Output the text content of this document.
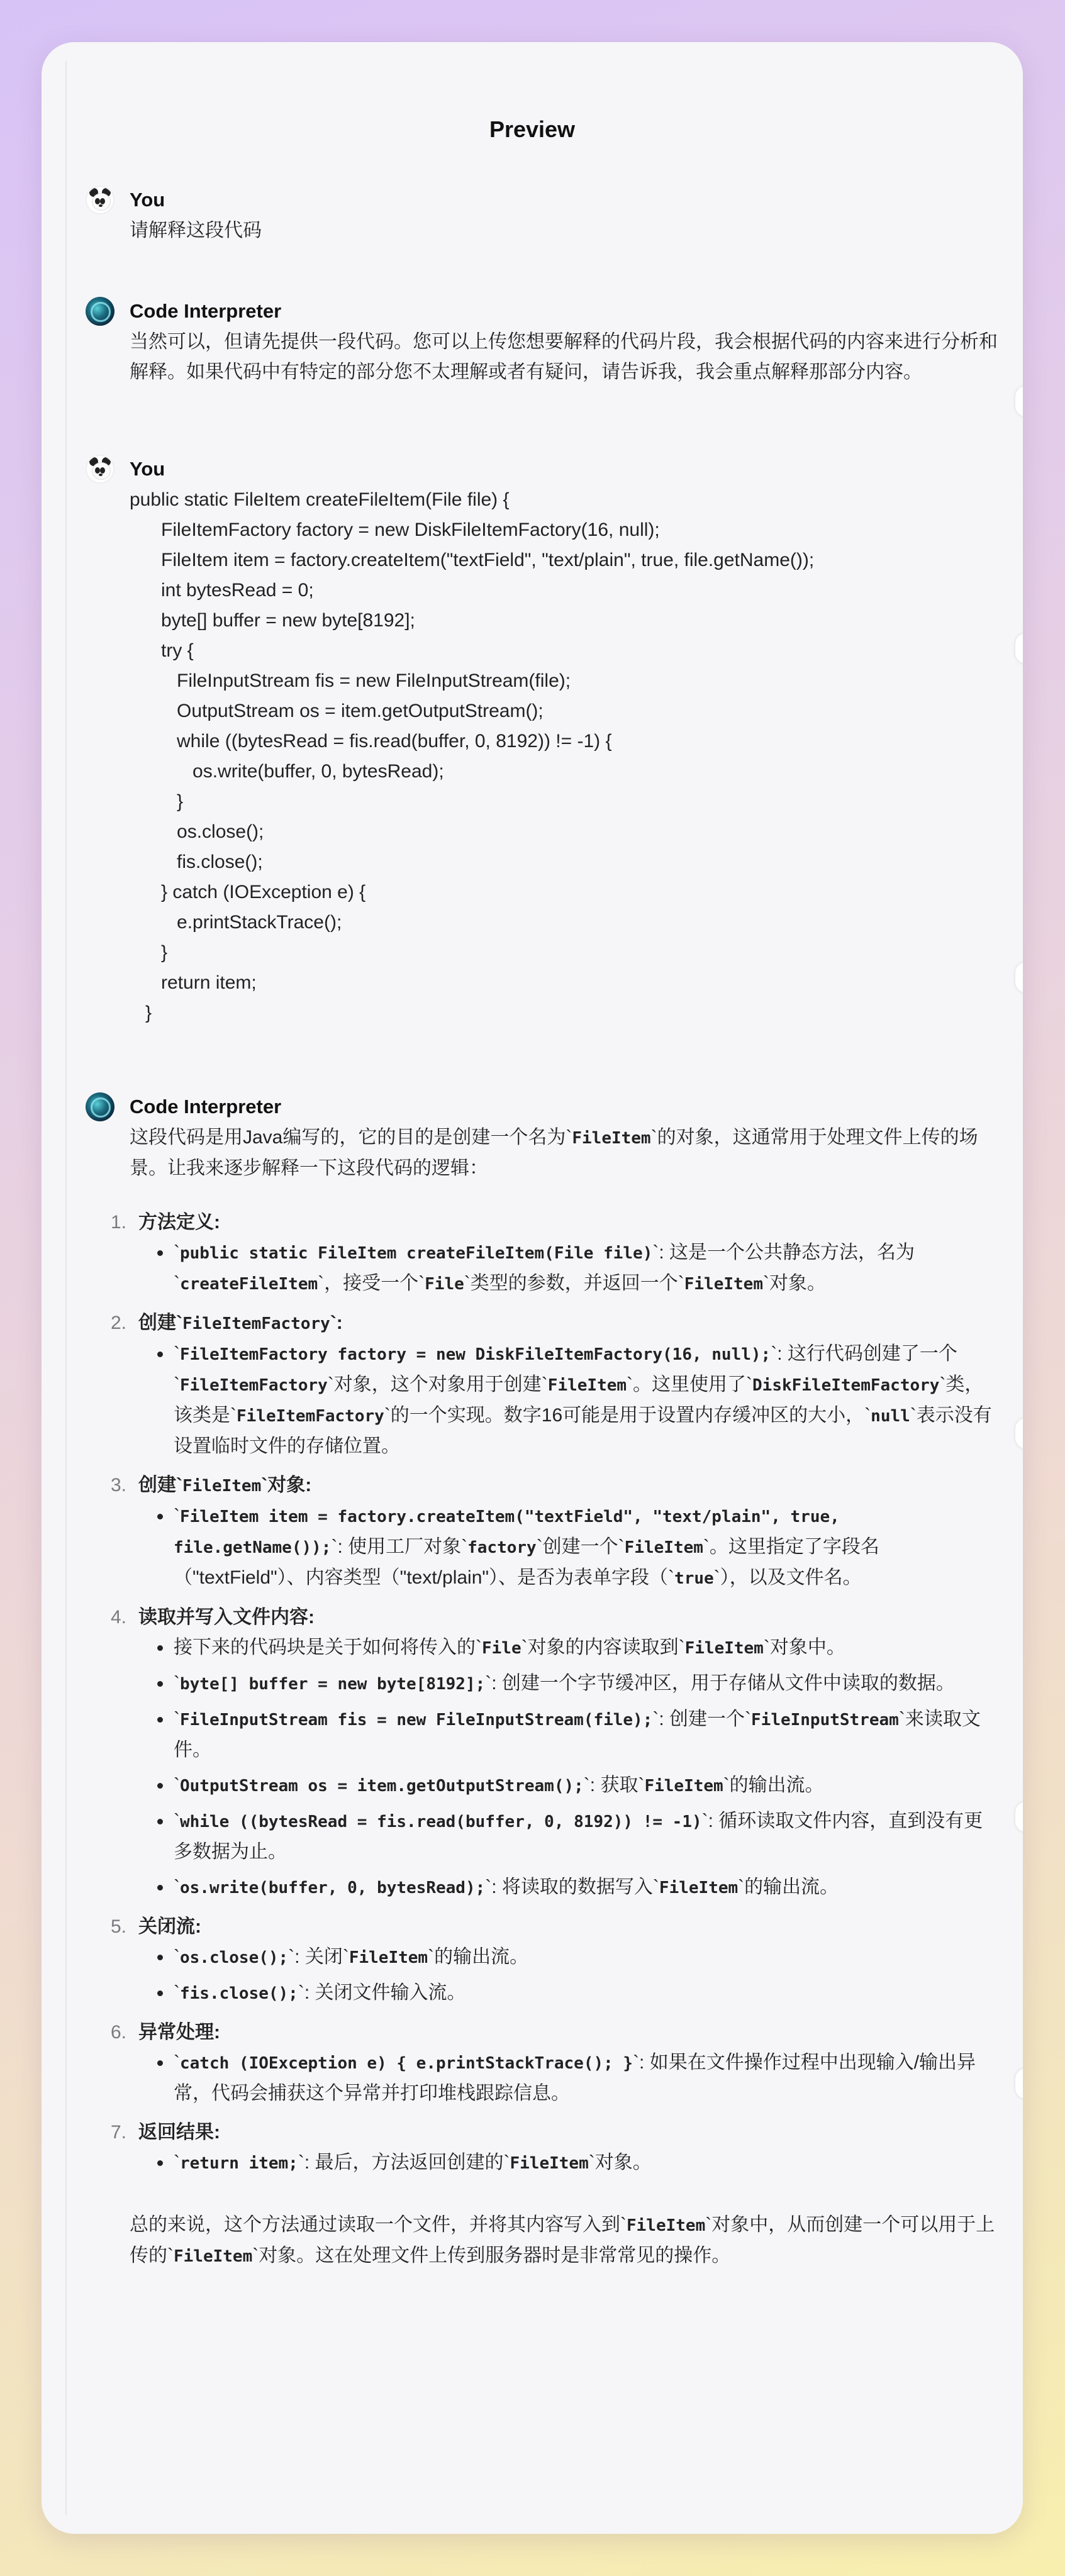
Preview
You
请解释这段代码
Code Interpreter
当然可以，但请先提供一段代码。您可以上传您想要解释的代码片段，我会根据代码的内容来进行分析和解释。如果代码中有特定的部分您不太理解或者有疑问，请告诉我，我会重点解释那部分内容。
You
public static FileItem createFileItem(File file) {
FileItemFactory factory = new DiskFileItemFactory(16, null);
FileItem item = factory.createItem("textField", "text/plain", true, file.getName());
int bytesRead = 0;
byte[] buffer = new byte[8192];
try {
FileInputStream fis = new FileInputStream(file);
OutputStream os = item.getOutputStream();
while ((bytesRead = fis.read(buffer, 0, 8192)) != -1) {
os.write(buffer, 0, bytesRead);
}
os.close();
fis.close();
} catch (IOException e) {
e.printStackTrace();
}
return item;
}
Code Interpreter
这段代码是用Java编写的，它的目的是创建一个名为`FileItem`的对象，这通常用于处理文件上传的场景。让我来逐步解释一下这段代码的逻辑：
1. 方法定义:
`public static FileItem createFileItem(File file)`: 这是一个公共静态方法，名为`createFileItem`，接受一个`File`类型的参数，并返回一个`FileItem`对象。
2. 创建`FileItemFactory`:
`FileItemFactory factory = new DiskFileItemFactory(16, null);`: 这行代码创建了一个`FileItemFactory`对象，这个对象用于创建`FileItem`。这里使用了`DiskFileItemFactory`类，该类是`FileItemFactory`的一个实现。数字16可能是用于设置内存缓冲区的大小，`null`表示没有设置临时文件的存储位置。
3. 创建`FileItem`对象:
`FileItem item = factory.createItem("textField", "text/plain", true, file.getName());`: 使用工厂对象`factory`创建一个`FileItem`。这里指定了字段名（"textField"）、内容类型（"text/plain"）、是否为表单字段（`true`），以及文件名。
4. 读取并写入文件内容:
接下来的代码块是关于如何将传入的`File`对象的内容读取到`FileItem`对象中。
`byte[] buffer = new byte[8192];`: 创建一个字节缓冲区，用于存储从文件中读取的数据。
`FileInputStream fis = new FileInputStream(file);`: 创建一个`FileInputStream`来读取文件。
`OutputStream os = item.getOutputStream();`: 获取`FileItem`的输出流。
`while ((bytesRead = fis.read(buffer, 0, 8192)) != -1)`: 循环读取文件内容，直到没有更多数据为止。
`os.write(buffer, 0, bytesRead);`: 将读取的数据写入`FileItem`的输出流。
5. 关闭流:
`os.close();`: 关闭`FileItem`的输出流。
`fis.close();`: 关闭文件输入流。
6. 异常处理:
`catch (IOException e) { e.printStackTrace(); }`: 如果在文件操作过程中出现输入/输出异常，代码会捕获这个异常并打印堆栈跟踪信息。
7. 返回结果:
`return item;`: 最后，方法返回创建的`FileItem`对象。
总的来说，这个方法通过读取一个文件，并将其内容写入到`FileItem`对象中，从而创建一个可以用于上传的`FileItem`对象。这在处理文件上传到服务器时是非常常见的操作。
